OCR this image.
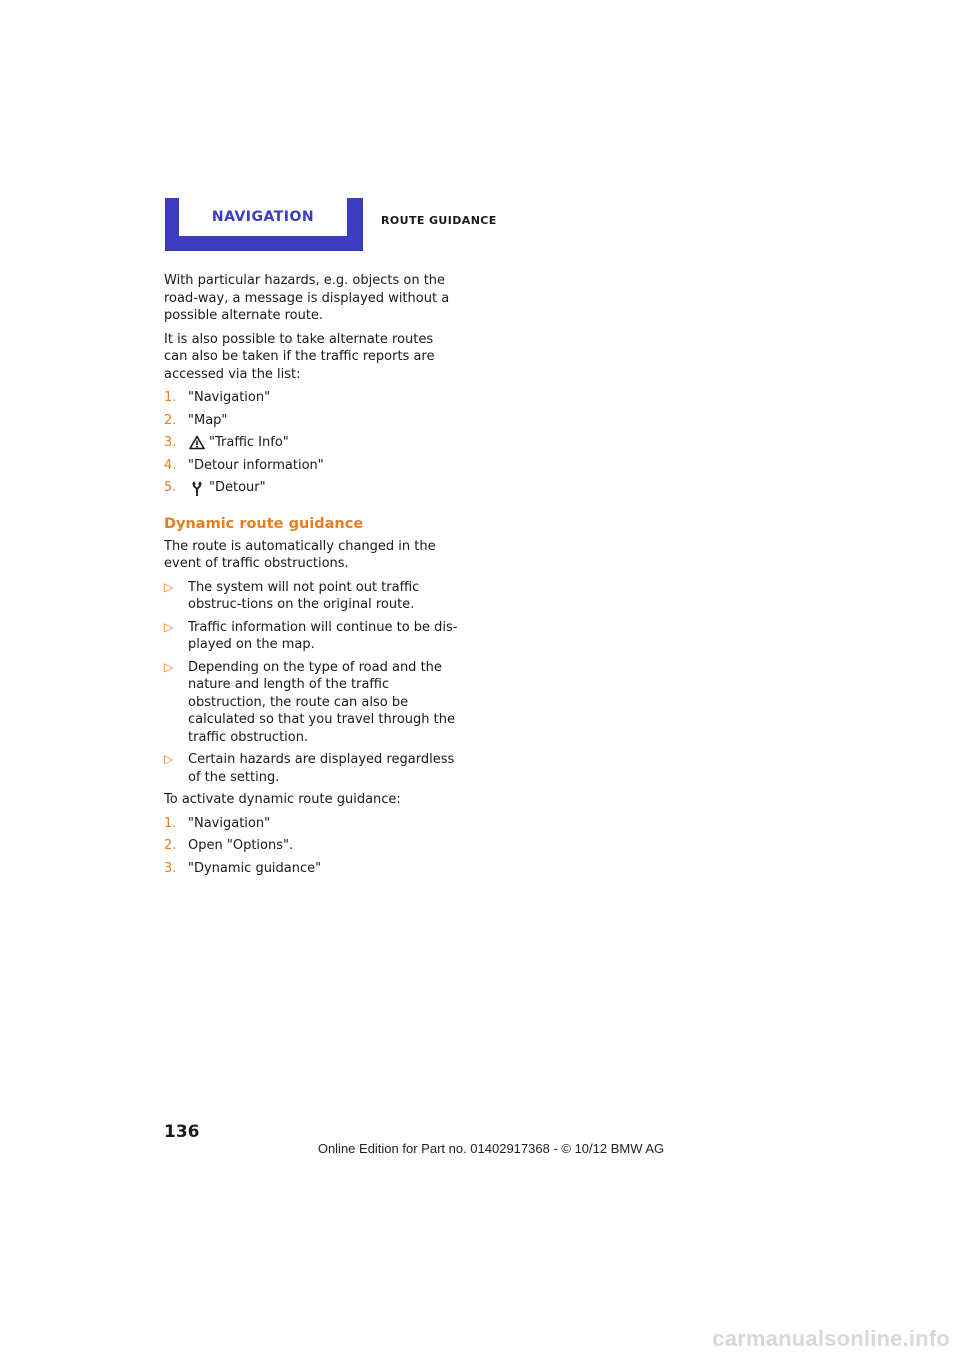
NAVIGATION	ROUTE GUIDANCE

With particular hazards, e.g. objects on the road-way, a message is displayed without a possible alternate route.

It is also possible to take alternate routes can also be taken if the traffic reports are accessed via the list:

1. "Navigation"
2. "Map"
3.	"Traffic Info"
4. "Detour information"
5.	"Detour"
Dynamic route guidance

The route is automatically changed in the event of traffic obstructions.

▷	The system will not point out traffic obstruc-tions on the original route.
▷	Traffic information will continue to be dis-played on the map.
▷	Depending on the type of road and the nature and length of the traffic obstruction, the route can also be calculated so that you travel through the traffic obstruction.
▷	Certain hazards are displayed regardless of the setting.

To activate dynamic route guidance:

1. "Navigation"
2. Open "Options".
3. "Dynamic guidance"
136
Online Edition for Part no. 01402917368 - © 10/12 BMW AG
carmanualsonline.info
